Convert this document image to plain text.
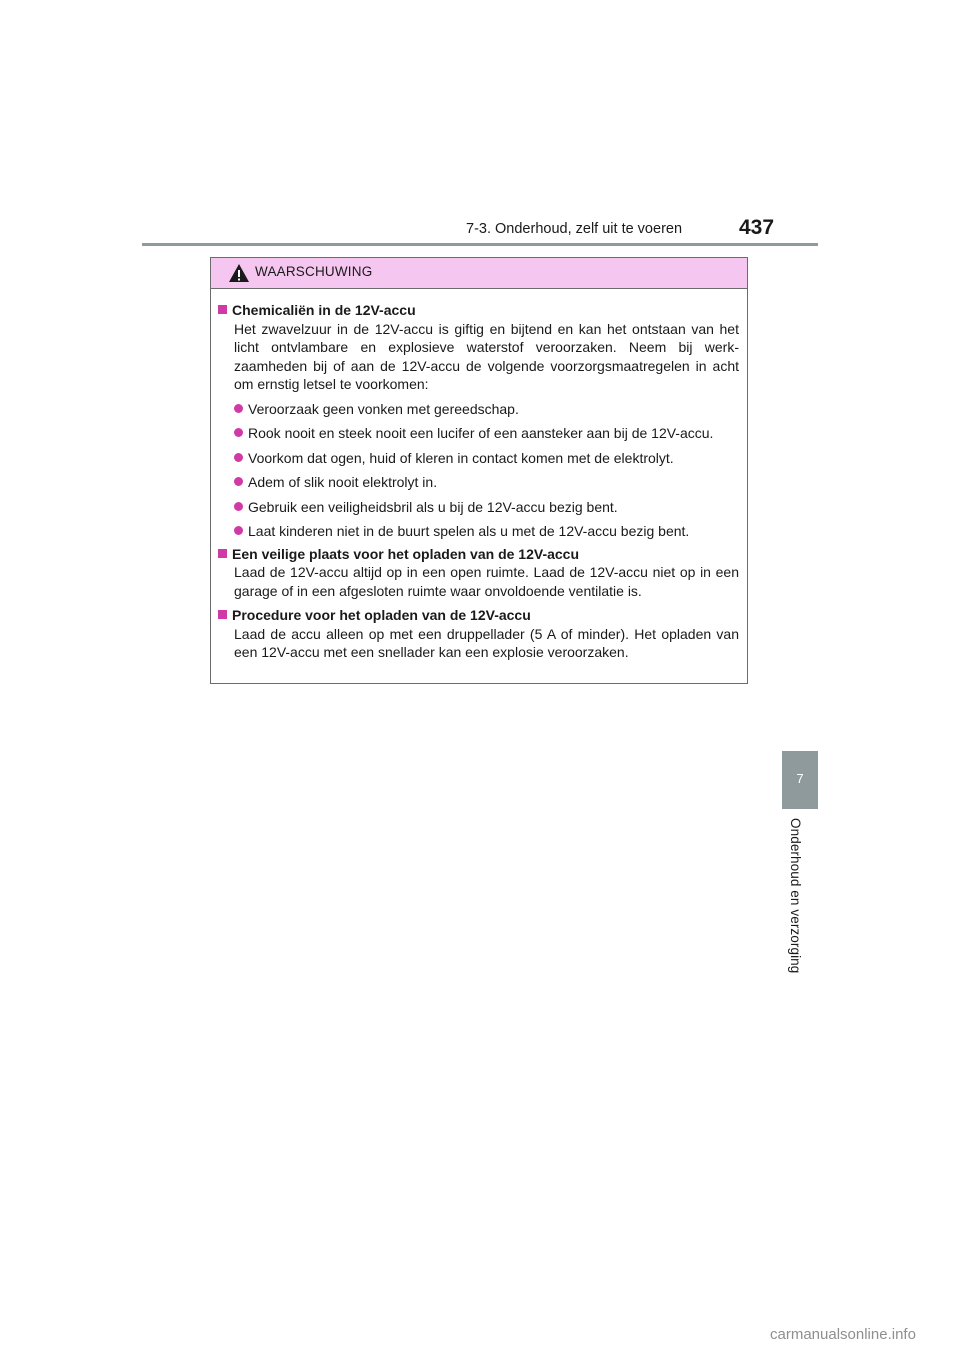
7-3. Onderhoud, zelf uit te voeren	437
WAARSCHUWING
Chemicaliën in de 12V-accu
Het zwavelzuur in de 12V-accu is giftig en bijtend en kan het ontstaan van het licht ontvlambare en explosieve waterstof veroorzaken. Neem bij werk-zaamheden bij of aan de 12V-accu de volgende voorzorgsmaatregelen in acht om ernstig letsel te voorkomen:
Veroorzaak geen vonken met gereedschap.
Rook nooit en steek nooit een lucifer of een aansteker aan bij de 12V-accu.
Voorkom dat ogen, huid of kleren in contact komen met de elektrolyt.
Adem of slik nooit elektrolyt in.
Gebruik een veiligheidsbril als u bij de 12V-accu bezig bent.
Laat kinderen niet in de buurt spelen als u met de 12V-accu bezig bent.
Een veilige plaats voor het opladen van de 12V-accu
Laad de 12V-accu altijd op in een open ruimte. Laad de 12V-accu niet op in een garage of in een afgesloten ruimte waar onvoldoende ventilatie is.
Procedure voor het opladen van de 12V-accu
Laad de accu alleen op met een druppellader (5 A of minder). Het opladen van een 12V-accu met een snellader kan een explosie veroorzaken.
7
Onderhoud en verzorging
carmanualsonline.info
